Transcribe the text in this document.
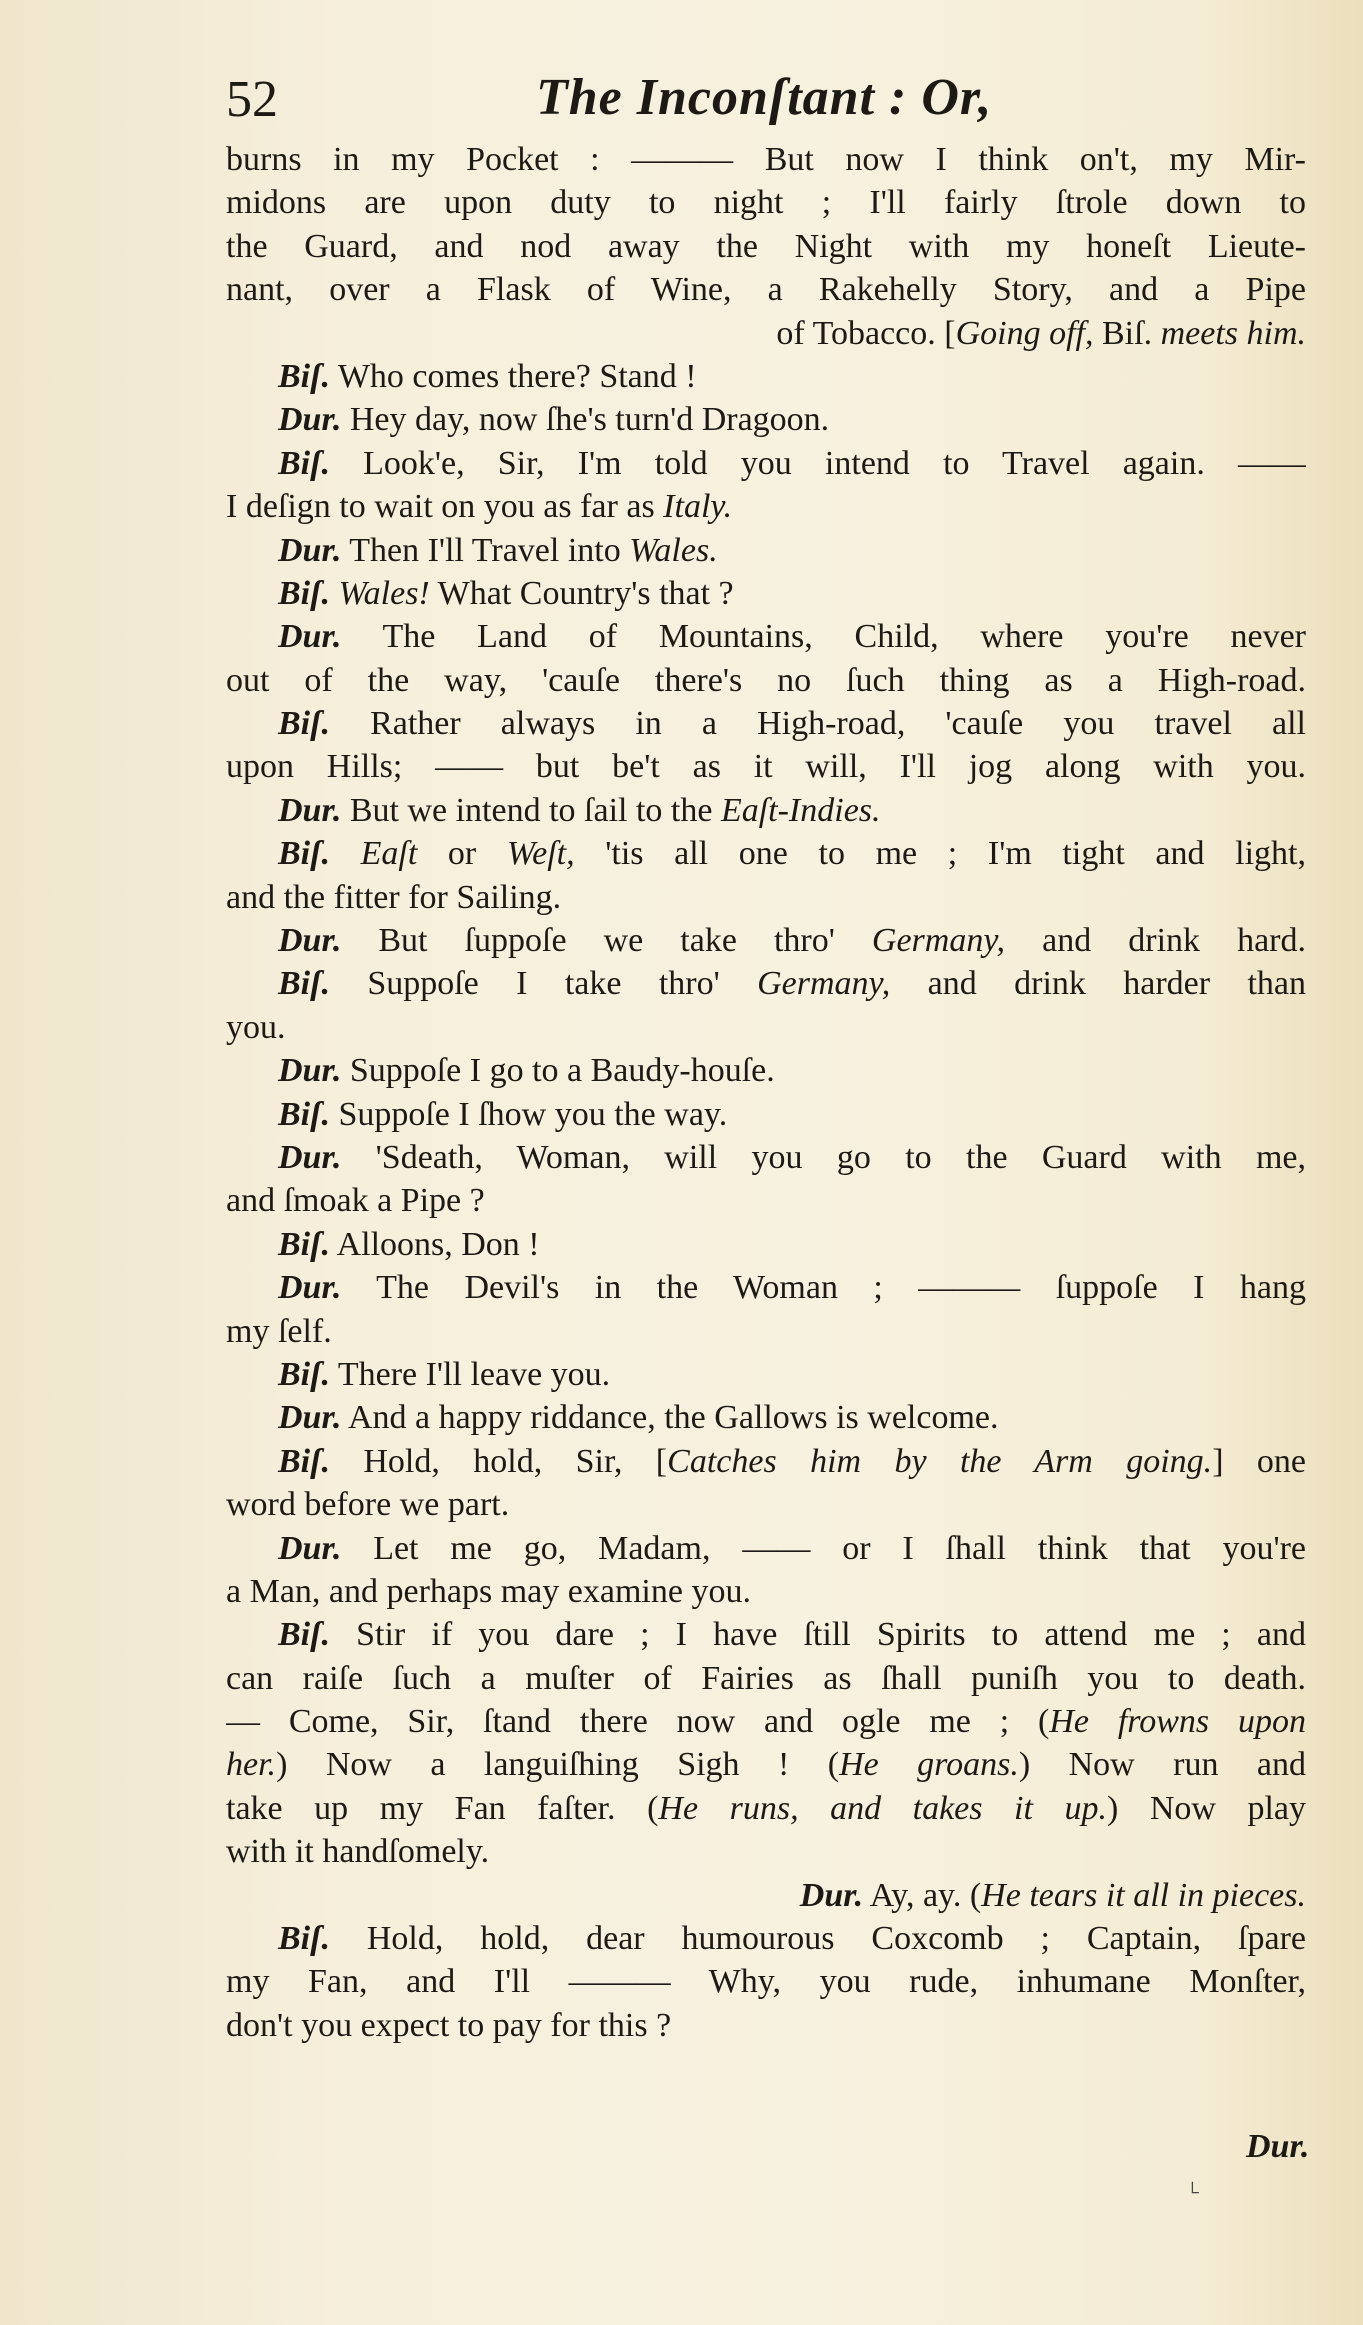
52	The Inconſtant : Or,
burns in my Pocket : ——— But now I think on't, my Mir-
midons are upon duty to night ; I'll fairly ſtrole down to
the Guard, and nod away the Night with my honeſt Lieute-
nant, over a Flask of Wine, a Rakehelly Story, and a Pipe
of Tobacco. [Going off, Biſ. meets him.
Biſ. Who comes there? Stand !
Dur. Hey day, now ſhe's turn'd Dragoon.
Biſ. Look'e, Sir, I'm told you intend to Travel again. ——
I deſign to wait on you as far as Italy.
Dur. Then I'll Travel into Wales.
Biſ. Wales! What Country's that ?
Dur. The Land of Mountains, Child, where you're never
out of the way, 'cauſe there's no ſuch thing as a High-road.
Biſ. Rather always in a High-road, 'cauſe you travel all
upon Hills; —— but be't as it will, I'll jog along with you.
Dur. But we intend to ſail to the Eaſt-Indies.
Biſ. Eaſt or Weſt, 'tis all one to me ; I'm tight and light,
and the fitter for Sailing.
Dur. But ſuppoſe we take thro' Germany, and drink hard.
Biſ. Suppoſe I take thro' Germany, and drink harder than
you.
Dur. Suppoſe I go to a Baudy-houſe.
Biſ. Suppoſe I ſhow you the way.
Dur. 'Sdeath, Woman, will you go to the Guard with me,
and ſmoak a Pipe ?
Biſ. Alloons, Don !
Dur. The Devil's in the Woman ; ——— ſuppoſe I hang
my ſelf.
Biſ. There I'll leave you.
Dur. And a happy riddance, the Gallows is welcome.
Biſ. Hold, hold, Sir, [Catches him by the Arm going.] one
word before we part.
Dur. Let me go, Madam, —— or I ſhall think that you're
a Man, and perhaps may examine you.
Biſ. Stir if you dare ; I have ſtill Spirits to attend me ; and
can raiſe ſuch a muſter of Fairies as ſhall puniſh you to death.
— Come, Sir, ſtand there now and ogle me ; (He frowns upon
her.) Now a languiſhing Sigh ! (He groans.) Now run and
take up my Fan faſter. (He runs, and takes it up.) Now play
with it handſomely.
Dur. Ay, ay. (He tears it all in pieces.
Biſ. Hold, hold, dear humourous Coxcomb ; Captain, ſpare
my Fan, and I'll ——— Why, you rude, inhumane Monſter,
don't you expect to pay for this ?
Dur.
└
